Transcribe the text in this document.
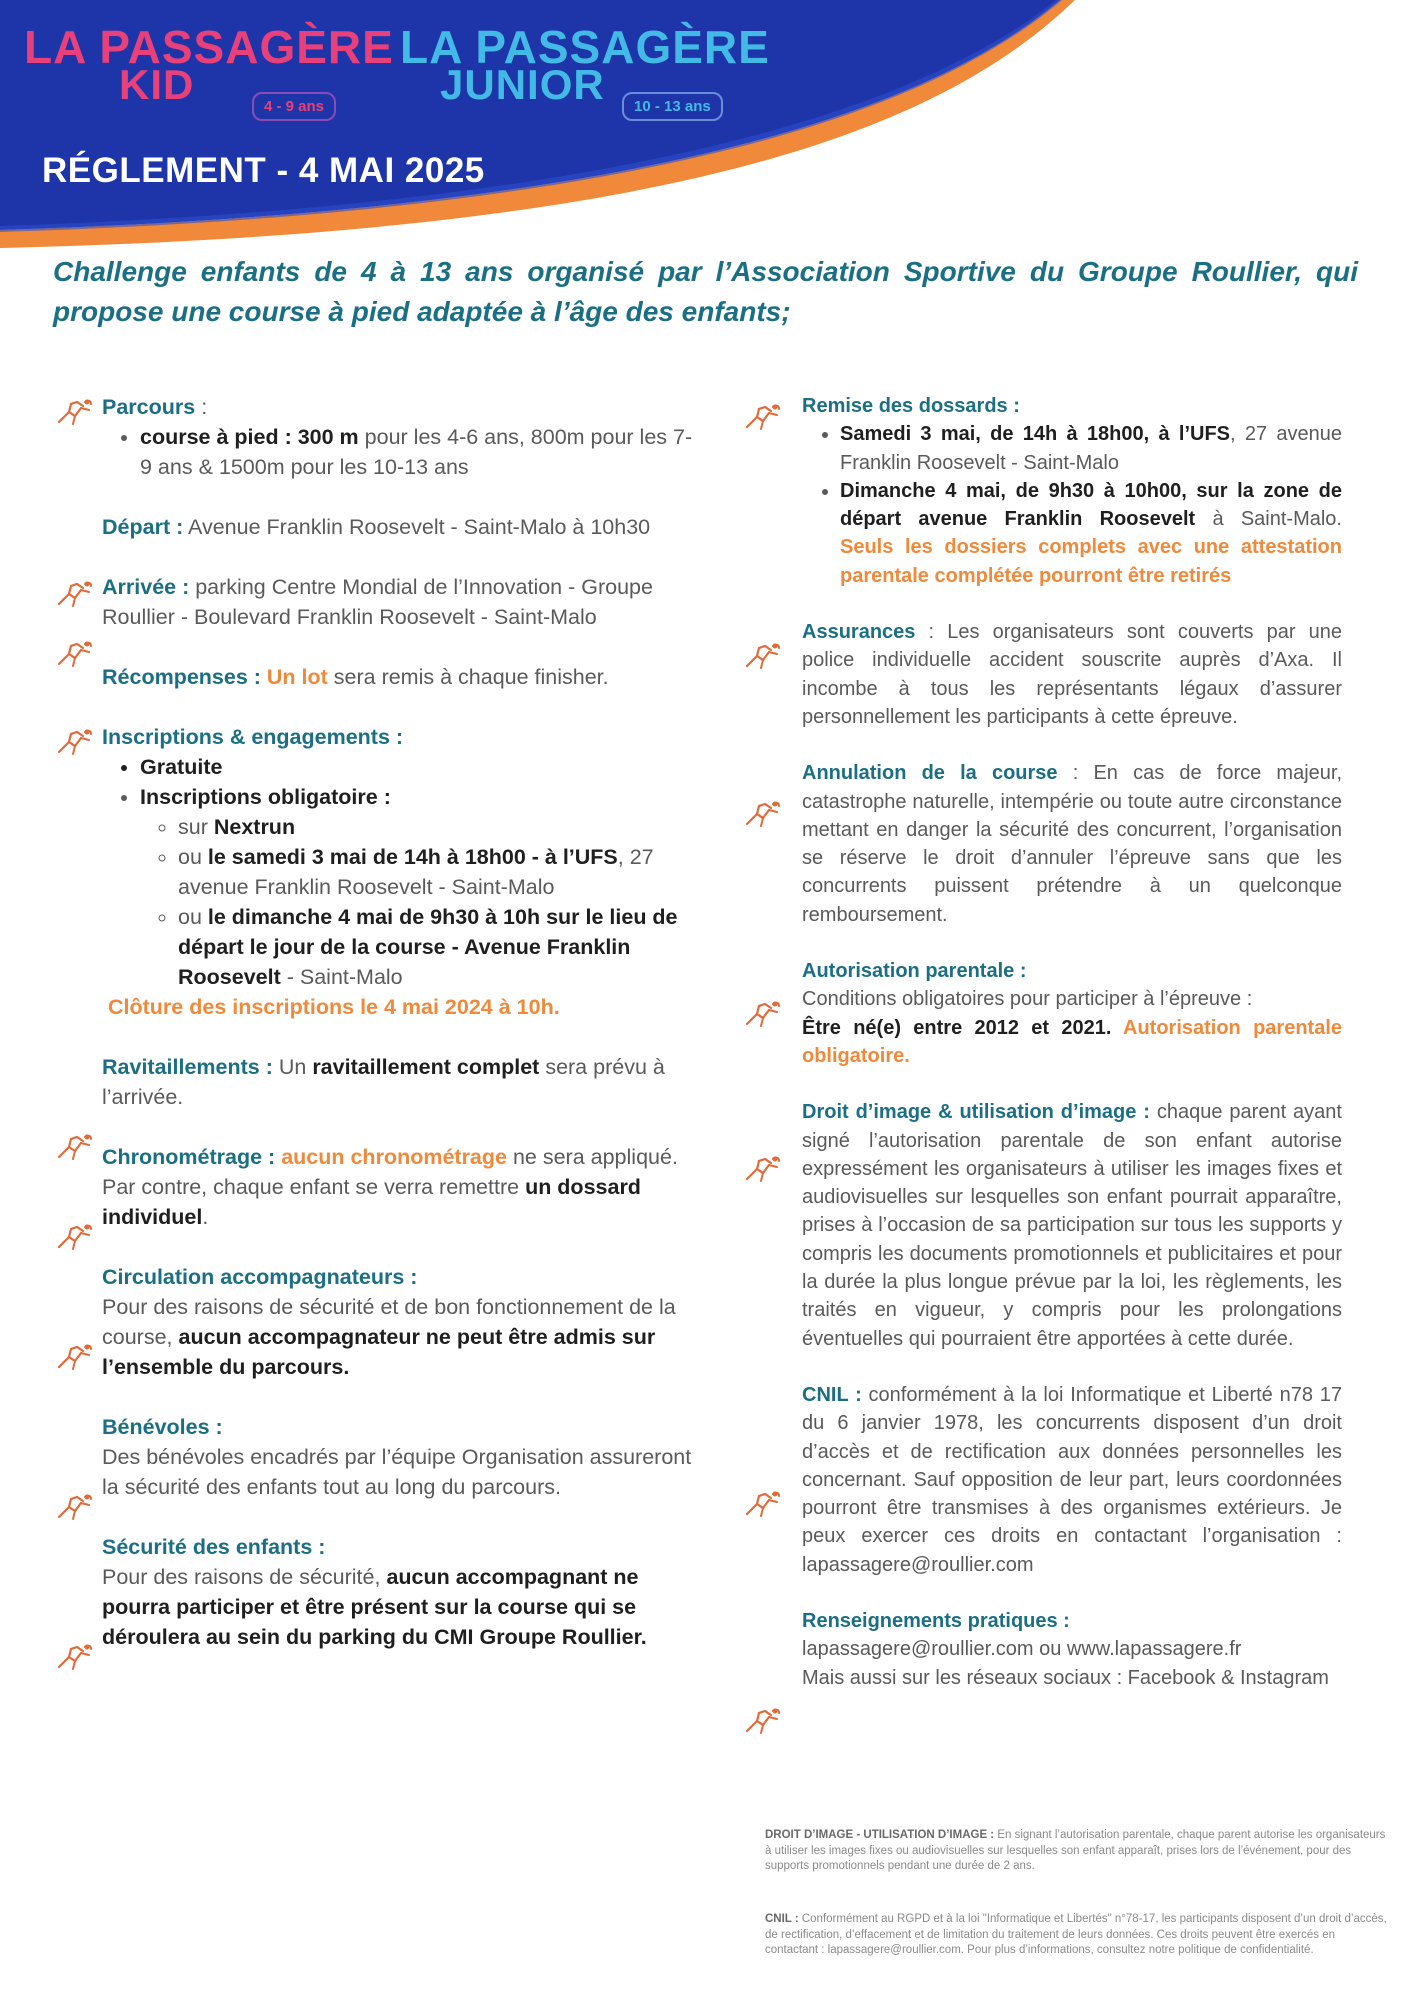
LA PASSAGÈRE
KID	4 - 9 ans
LA PASSAGÈRE
JUNIOR	10 - 13 ans
RÉGLEMENT - 4 MAI 2025
Challenge enfants de 4 à 13 ans organisé par l’Association Sportive du Groupe Roullier, qui propose une course à pied adaptée à l’âge des enfants;
Parcours :
• course à pied : 300 m pour les 4-6 ans, 800m pour les 7-9 ans & 1500m pour les 10-13 ans
Départ : Avenue Franklin Roosevelt - Saint-Malo à 10h30
Arrivée : parking Centre Mondial de l’Innovation - Groupe Roullier - Boulevard Franklin Roosevelt - Saint-Malo
Récompenses : Un lot sera remis à chaque finisher.
Inscriptions & engagements :
• Gratuite
• Inscriptions obligatoire :
◦ sur Nextrun
◦ ou le samedi 3 mai de 14h à 18h00 - à l’UFS, 27 avenue Franklin Roosevelt - Saint-Malo
◦ ou le dimanche 4 mai de 9h30 à 10h sur le lieu de départ le jour de la course - Avenue Franklin Roosevelt - Saint-Malo
Clôture des inscriptions le 4 mai 2024 à 10h.
Ravitaillements : Un ravitaillement complet sera prévu à l’arrivée.
Chronométrage : aucun chronométrage ne sera appliqué. Par contre, chaque enfant se verra remettre un dossard individuel.
Circulation accompagnateurs :
Pour des raisons de sécurité et de bon fonctionnement de la course, aucun accompagnateur ne peut être admis sur l’ensemble du parcours.
Bénévoles :
Des bénévoles encadrés par l’équipe Organisation assureront la sécurité des enfants tout au long du parcours.
Sécurité des enfants :
Pour des raisons de sécurité, aucun accompagnant ne pourra participer et être présent sur la course qui se déroulera au sein du parking du CMI Groupe Roullier.
Remise des dossards :
• Samedi 3 mai, de 14h à 18h00, à l’UFS, 27 avenue Franklin Roosevelt - Saint-Malo
• Dimanche 4 mai, de 9h30 à 10h00, sur la zone de départ avenue Franklin Roosevelt à Saint-Malo. Seuls les dossiers complets avec une attestation parentale complétée pourront être retirés
Assurances : Les organisateurs sont couverts par une police individuelle accident souscrite auprès d’Axa. Il incombe à tous les représentants légaux d’assurer personnellement les participants à cette épreuve.
Annulation de la course : En cas de force majeur, catastrophe naturelle, intempérie ou toute autre circonstance mettant en danger la sécurité des concurrent, l’organisation se réserve le droit d’annuler l’épreuve sans que les concurrents puissent prétendre à un quelconque remboursement.
Autorisation parentale :
Conditions obligatoires pour participer à l’épreuve :
Être né(e) entre 2012 et 2021. Autorisation parentale obligatoire.
Droit d’image & utilisation d’image : chaque parent ayant signé l’autorisation parentale de son enfant autorise expressément les organisateurs à utiliser les images fixes et audiovisuelles sur lesquelles son enfant pourrait apparaître, prises à l’occasion de sa participation sur tous les supports y compris les documents promotionnels et publicitaires et pour la durée la plus longue prévue par la loi, les règlements, les traités en vigueur, y compris pour les prolongations éventuelles qui pourraient être apportées à cette durée.
CNIL : conformément à la loi Informatique et Liberté n78 17 du 6 janvier 1978, les concurrents disposent d’un droit d’accès et de rectification aux données personnelles les concernant. Sauf opposition de leur part, leurs coordonnées pourront être transmises à des organismes extérieurs. Je peux exercer ces droits en contactant l’organisation : lapassagere@roullier.com
Renseignements pratiques :
lapassagere@roullier.com ou www.lapassagere.fr
Mais aussi sur les réseaux sociaux : Facebook & Instagram
DROIT D’IMAGE - UTILISATION D’IMAGE : En signant l’autorisation parentale, chaque parent autorise les organisateurs à utiliser les images fixes ou audiovisuelles sur lesquelles son enfant apparaît, prises lors de l’événement, pour des supports promotionnels pendant une durée de 2 ans.
CNIL : Conformément au RGPD et à la loi "Informatique et Libertés" n°78-17, les participants disposent d’un droit d’accès, de rectification, d’effacement et de limitation du traitement de leurs données. Ces droits peuvent être exercés en contactant : lapassagere@roullier.com. Pour plus d’informations, consultez notre politique de confidentialité.
